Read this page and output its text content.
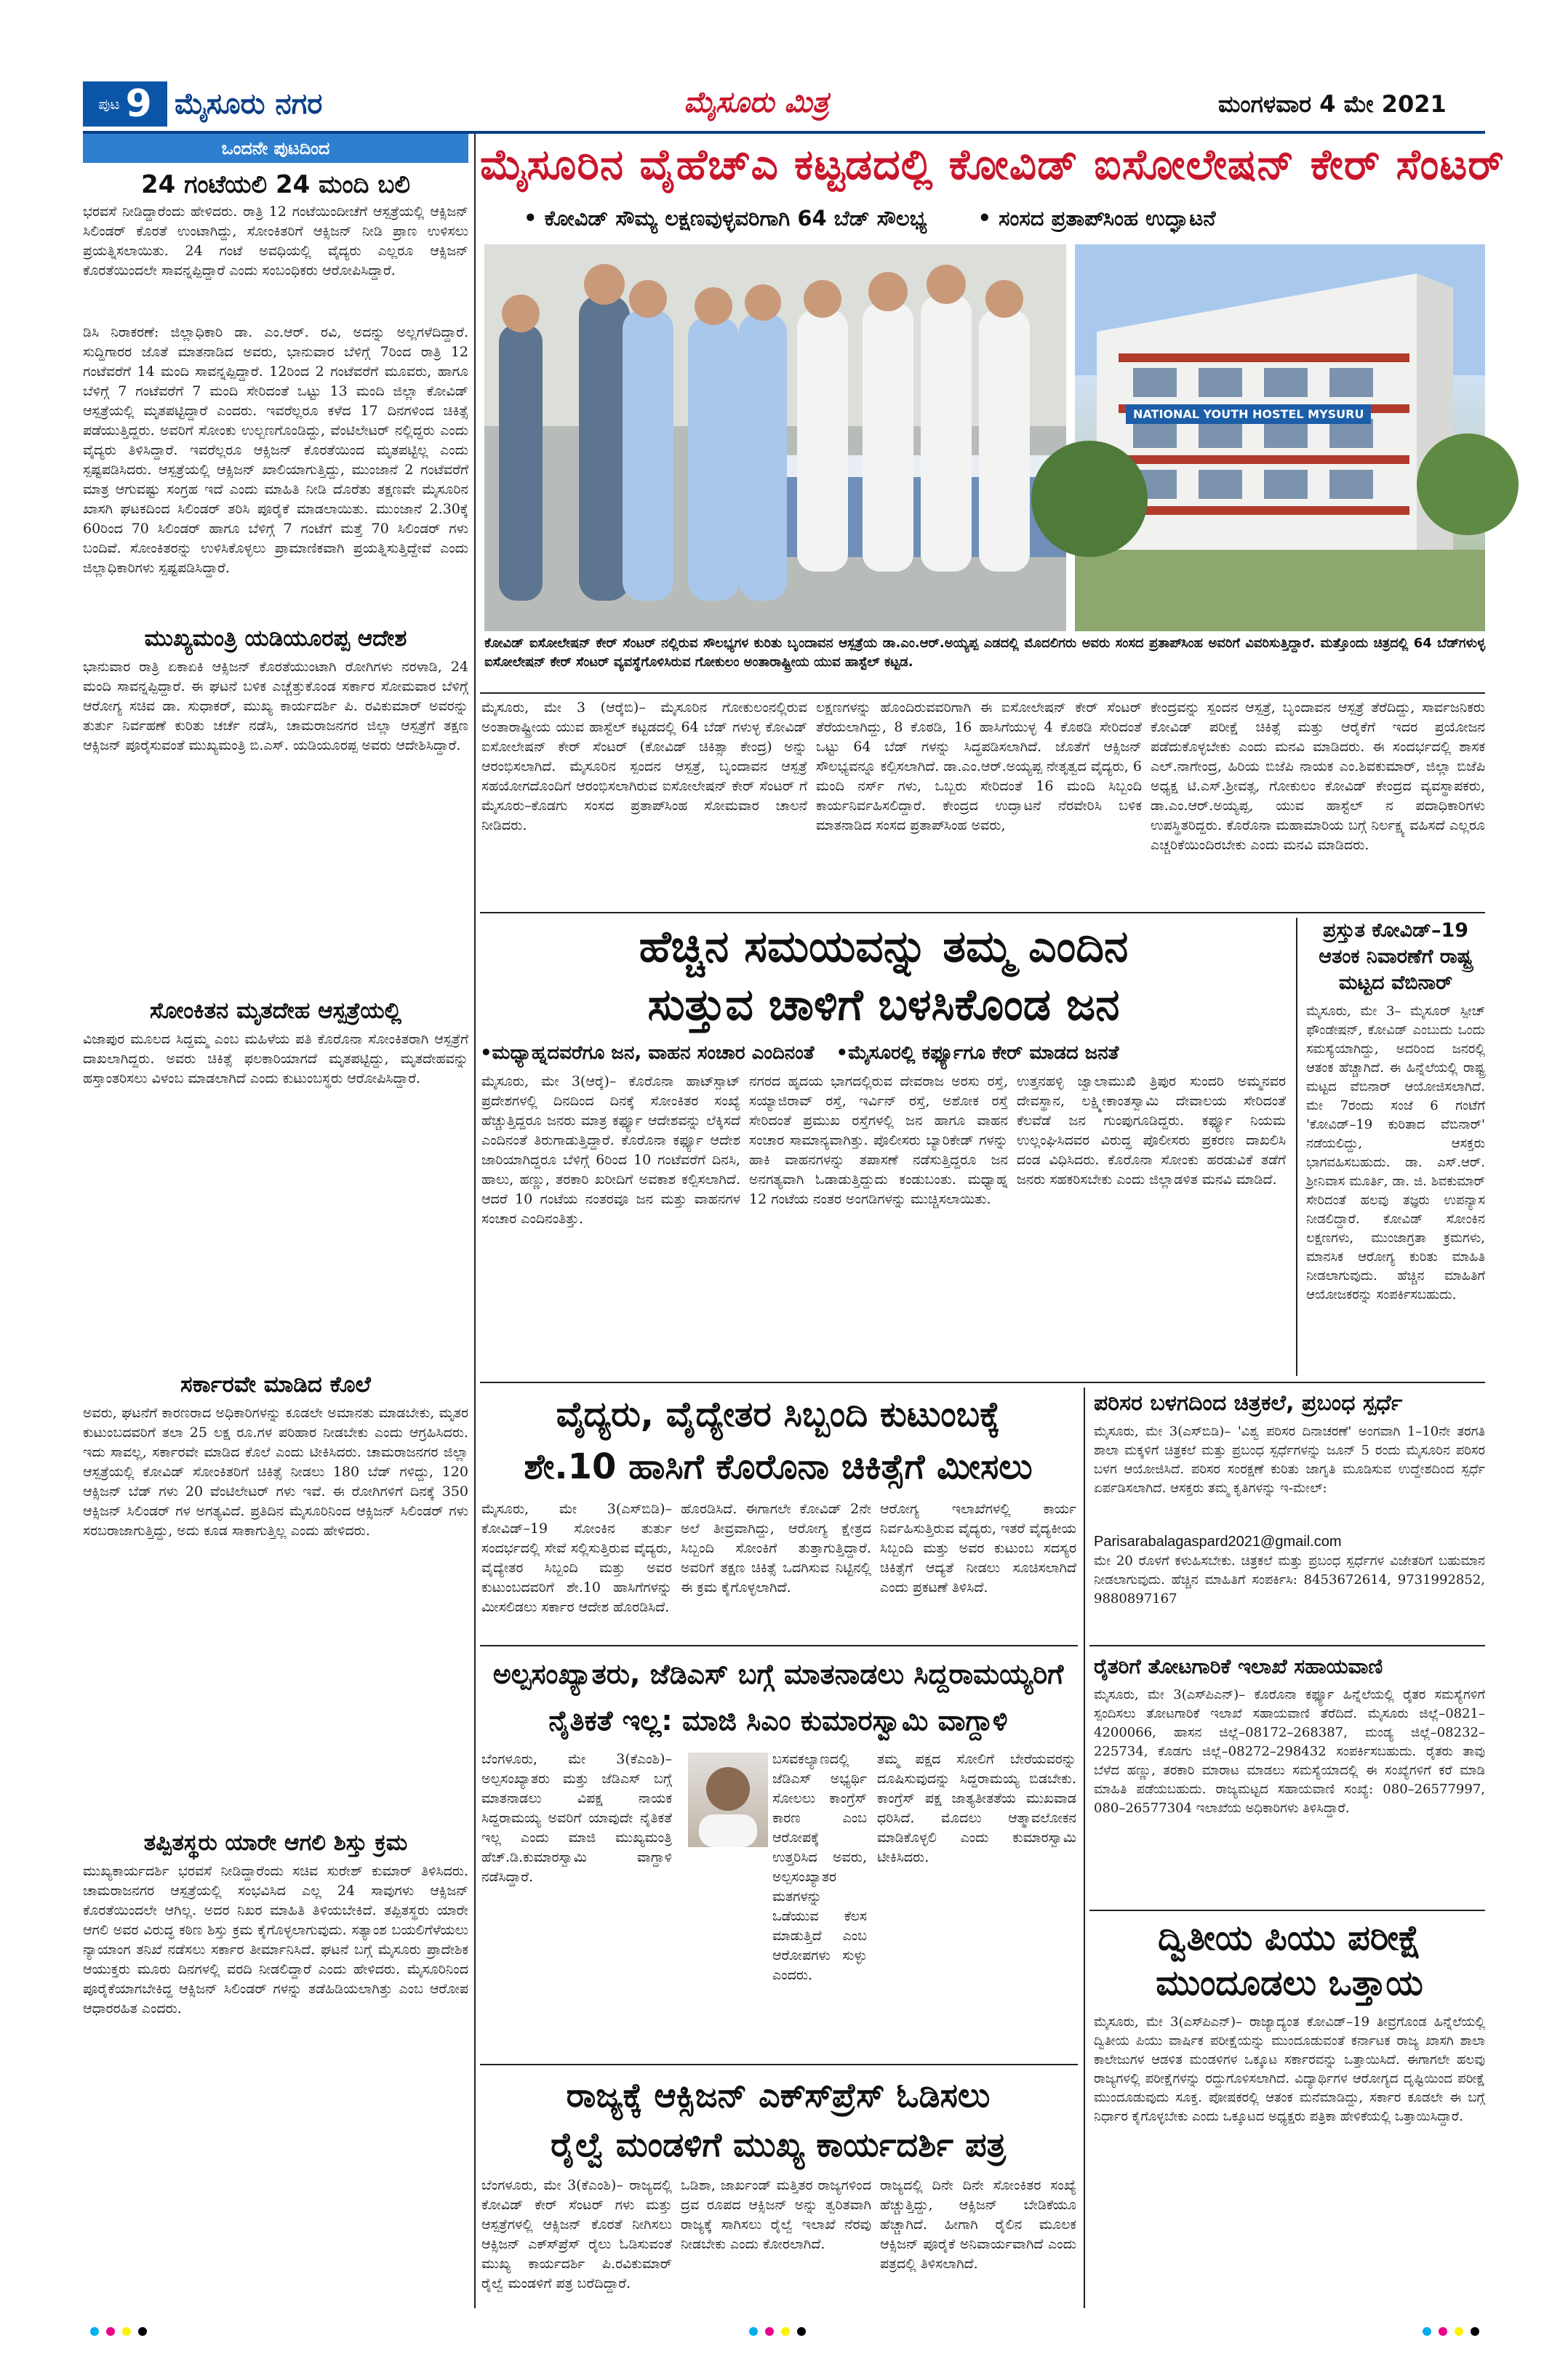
ಪುಟ 9 ಮೈಸೂರು ನಗರ	ಮೈಸೂರು ಮಿತ್ರ	ಮಂಗಳವಾರ 4 ಮೇ 2021
ಒಂದನೇ ಪುಟದಿಂದ
24 ಗಂಟೆಯಲಿ 24 ಮಂದಿ ಬಲಿ
ಭರವಸೆ ನೀಡಿದ್ದಾರೆಂದು ಹೇಳಿದರು. ರಾತ್ರಿ 12 ಗಂಟೆಯಿಂದೀಚೆಗೆ ಆಸ್ಪತ್ರೆಯಲ್ಲಿ ಆಕ್ಸಿಜನ್ ಸಿಲಿಂಡರ್ ಕೊರತೆ ಉಂಟಾಗಿದ್ದು, ಸೋಂಕಿತರಿಗೆ ಆಕ್ಸಿಜನ್ ನೀಡಿ ಪ್ರಾಣ ಉಳಿಸಲು ಪ್ರಯತ್ನಿಸಲಾಯಿತು. 24 ಗಂಟೆ ಅವಧಿಯಲ್ಲಿ ವೈದ್ಯರು ಎಲ್ಲರೂ ಆಕ್ಸಿಜನ್ ಕೊರತೆಯಿಂದಲೇ ಸಾವನ್ನಪ್ಪಿದ್ದಾರೆ ಎಂದು ಸಂಬಂಧಿಕರು ಆರೋಪಿಸಿದ್ದಾರೆ.
ಡಿಸಿ ನಿರಾಕರಣೆ: ಜಿಲ್ಲಾಧಿಕಾರಿ ಡಾ. ಎಂ.ಆರ್. ರವಿ, ಅದನ್ನು ಅಲ್ಲಗಳೆದಿದ್ದಾರೆ. ಸುದ್ದಿಗಾರರ ಜೊತೆ ಮಾತನಾಡಿದ ಅವರು, ಭಾನುವಾರ ಬೆಳಿಗ್ಗೆ 7ರಿಂದ ರಾತ್ರಿ 12 ಗಂಟೆವರೆಗೆ 14 ಮಂದಿ ಸಾವನ್ನಪ್ಪಿದ್ದಾರೆ. 12ರಿಂದ 2 ಗಂಟೆವರೆಗೆ ಮೂವರು, ಹಾಗೂ ಬೆಳಿಗ್ಗೆ 7 ಗಂಟೆವರೆಗೆ 7 ಮಂದಿ ಸೇರಿದಂತೆ ಒಟ್ಟು 13 ಮಂದಿ ಜಿಲ್ಲಾ ಕೋವಿಡ್ ಆಸ್ಪತ್ರೆಯಲ್ಲಿ ಮೃತಪಟ್ಟಿದ್ದಾರೆ ಎಂದರು. ಇವರೆಲ್ಲರೂ ಕಳೆದ 17 ದಿನಗಳಿಂದ ಚಿಕಿತ್ಸೆ ಪಡೆಯುತ್ತಿದ್ದರು. ಅವರಿಗೆ ಸೋಂಕು ಉಲ್ಬಣಗೊಂಡಿದ್ದು, ವೆಂಟಿಲೇಟರ್ ನಲ್ಲಿದ್ದರು ಎಂದು ವೈದ್ಯರು ತಿಳಿಸಿದ್ದಾರೆ. ಇವರೆಲ್ಲರೂ ಆಕ್ಸಿಜನ್ ಕೊರತೆಯಿಂದ ಮೃತಪಟ್ಟಿಲ್ಲ ಎಂದು ಸ್ಪಷ್ಟಪಡಿಸಿದರು. ಆಸ್ಪತ್ರೆಯಲ್ಲಿ ಆಕ್ಸಿಜನ್ ಖಾಲಿಯಾಗುತ್ತಿದ್ದು, ಮುಂಜಾನೆ 2 ಗಂಟೆವರೆಗೆ ಮಾತ್ರ ಆಗುವಷ್ಟು ಸಂಗ್ರಹ ಇದೆ ಎಂದು ಮಾಹಿತಿ ನೀಡಿ ದೊರೆತು ತಕ್ಷಣವೇ ಮೈಸೂರಿನ ಖಾಸಗಿ ಘಟಕದಿಂದ ಸಿಲಿಂಡರ್ ತರಿಸಿ ಪೂರೈಕೆ ಮಾಡಲಾಯಿತು. ಮುಂಜಾನೆ 2.30ಕ್ಕೆ 60ರಿಂದ 70 ಸಿಲಿಂಡರ್ ಹಾಗೂ ಬೆಳಿಗ್ಗೆ 7 ಗಂಟೆಗೆ ಮತ್ತೆ 70 ಸಿಲಿಂಡರ್ ಗಳು ಬಂದಿವೆ. ಸೋಂಕಿತರನ್ನು ಉಳಿಸಿಕೊಳ್ಳಲು ಪ್ರಾಮಾಣಿಕವಾಗಿ ಪ್ರಯತ್ನಿಸುತ್ತಿದ್ದೇವೆ ಎಂದು ಜಿಲ್ಲಾಧಿಕಾರಿಗಳು ಸ್ಪಷ್ಟಪಡಿಸಿದ್ದಾರೆ.
ಮುಖ್ಯಮಂತ್ರಿ ಯಡಿಯೂರಪ್ಪ ಆದೇಶ
ಭಾನುವಾರ ರಾತ್ರಿ ಏಕಾಏಕಿ ಆಕ್ಸಿಜನ್ ಕೊರತೆಯುಂಟಾಗಿ ರೋಗಿಗಳು ನರಳಾಡಿ, 24 ಮಂದಿ ಸಾವನ್ನಪ್ಪಿದ್ದಾರೆ. ಈ ಘಟನೆ ಬಳಿಕ ಎಚ್ಚೆತ್ತುಕೊಂಡ ಸರ್ಕಾರ ಸೋಮವಾರ ಬೆಳಿಗ್ಗೆ ಆರೋಗ್ಯ ಸಚಿವ ಡಾ. ಸುಧಾಕರ್, ಮುಖ್ಯ ಕಾರ್ಯದರ್ಶಿ ಪಿ. ರವಿಕುಮಾರ್ ಅವರನ್ನು ತುರ್ತು ನಿರ್ವಹಣೆ ಕುರಿತು ಚರ್ಚೆ ನಡೆಸಿ, ಚಾಮರಾಜನಗರ ಜಿಲ್ಲಾ ಆಸ್ಪತ್ರೆಗೆ ತಕ್ಷಣ ಆಕ್ಸಿಜನ್ ಪೂರೈಸುವಂತೆ ಮುಖ್ಯಮಂತ್ರಿ ಬಿ.ಎಸ್. ಯಡಿಯೂರಪ್ಪ ಅವರು ಆದೇಶಿಸಿದ್ದಾರೆ.
ಸೋಂಕಿತನ ಮೃತದೇಹ ಆಸ್ಪತ್ರೆಯಲ್ಲಿ
ವಿಜಾಪುರ ಮೂಲದ ಸಿದ್ದಮ್ಮ ಎಂಬ ಮಹಿಳೆಯ ಪತಿ ಕೊರೊನಾ ಸೋಂಕಿತರಾಗಿ ಆಸ್ಪತ್ರೆಗೆ ದಾಖಲಾಗಿದ್ದರು. ಅವರು ಚಿಕಿತ್ಸೆ ಫಲಕಾರಿಯಾಗದೆ ಮೃತಪಟ್ಟಿದ್ದು, ಮೃತದೇಹವನ್ನು ಹಸ್ತಾಂತರಿಸಲು ವಿಳಂಬ ಮಾಡಲಾಗಿದೆ ಎಂದು ಕುಟುಂಬಸ್ಥರು ಆರೋಪಿಸಿದ್ದಾರೆ.
ಸರ್ಕಾರವೇ ಮಾಡಿದ ಕೊಲೆ
ಅವರು, ಘಟನೆಗೆ ಕಾರಣರಾದ ಅಧಿಕಾರಿಗಳನ್ನು ಕೂಡಲೇ ಅಮಾನತು ಮಾಡಬೇಕು, ಮೃತರ ಕುಟುಂಬದವರಿಗೆ ತಲಾ 25 ಲಕ್ಷ ರೂ.ಗಳ ಪರಿಹಾರ ನೀಡಬೇಕು ಎಂದು ಆಗ್ರಹಿಸಿದರು. ಇದು ಸಾವಲ್ಲ, ಸರ್ಕಾರವೇ ಮಾಡಿದ ಕೊಲೆ ಎಂದು ಟೀಕಿಸಿದರು. ಚಾಮರಾಜನಗರ ಜಿಲ್ಲಾ ಆಸ್ಪತ್ರೆಯಲ್ಲಿ ಕೋವಿಡ್ ಸೋಂಕಿತರಿಗೆ ಚಿಕಿತ್ಸೆ ನೀಡಲು 180 ಬೆಡ್ ಗಳಿದ್ದು, 120 ಆಕ್ಸಿಜನ್ ಬೆಡ್ ಗಳು 20 ವೆಂಟಿಲೇಟರ್ ಗಳು ಇವೆ. ಈ ರೋಗಿಗಳಿಗೆ ದಿನಕ್ಕೆ 350 ಆಕ್ಸಿಜನ್ ಸಿಲಿಂಡರ್ ಗಳ ಅಗತ್ಯವಿದೆ. ಪ್ರತಿದಿನ ಮೈಸೂರಿನಿಂದ ಆಕ್ಸಿಜನ್ ಸಿಲಿಂಡರ್ ಗಳು ಸರಬರಾಜಾಗುತ್ತಿದ್ದು, ಅದು ಕೂಡ ಸಾಕಾಗುತ್ತಿಲ್ಲ ಎಂದು ಹೇಳಿದರು.
ತಪ್ಪಿತಸ್ಥರು ಯಾರೇ ಆಗಲಿ ಶಿಸ್ತು ಕ್ರಮ
ಮುಖ್ಯಕಾರ್ಯದರ್ಶಿ ಭರವಸೆ ನೀಡಿದ್ದಾರೆಂದು ಸಚಿವ ಸುರೇಶ್ ಕುಮಾರ್ ತಿಳಿಸಿದರು. ಚಾಮರಾಜನಗರ ಆಸ್ಪತ್ರೆಯಲ್ಲಿ ಸಂಭವಿಸಿದ ಎಲ್ಲ 24 ಸಾವುಗಳು ಆಕ್ಸಿಜನ್ ಕೊರತೆಯಿಂದಲೇ ಆಗಿಲ್ಲ. ಅದರ ನಿಖರ ಮಾಹಿತಿ ತಿಳಿಯಬೇಕಿದೆ. ತಪ್ಪಿತಸ್ಥರು ಯಾರೇ ಆಗಲಿ ಅವರ ವಿರುದ್ಧ ಕಠಿಣ ಶಿಸ್ತು ಕ್ರಮ ಕೈಗೊಳ್ಳಲಾಗುವುದು. ಸತ್ಯಾಂಶ ಬಯಲಿಗೆಳೆಯಲು ನ್ಯಾಯಾಂಗ ತನಿಖೆ ನಡೆಸಲು ಸರ್ಕಾರ ತೀರ್ಮಾನಿಸಿದೆ. ಘಟನೆ ಬಗ್ಗೆ ಮೈಸೂರು ಪ್ರಾದೇಶಿಕ ಆಯುಕ್ತರು ಮೂರು ದಿನಗಳಲ್ಲಿ ವರದಿ ನೀಡಲಿದ್ದಾರೆ ಎಂದು ಹೇಳಿದರು. ಮೈಸೂರಿನಿಂದ ಪೂರೈಕೆಯಾಗಬೇಕಿದ್ದ ಆಕ್ಸಿಜನ್ ಸಿಲಿಂಡರ್ ಗಳನ್ನು ತಡೆಹಿಡಿಯಲಾಗಿತ್ತು ಎಂಬ ಆರೋಪ ಆಧಾರರಹಿತ ಎಂದರು.
ಮೈಸೂರಿನ ವೈಹೆಚ್‍ಎ ಕಟ್ಟಡದಲ್ಲಿ ಕೋವಿಡ್ ಐಸೋಲೇಷನ್ ಕೇರ್ ಸೆಂಟರ್
• ಕೋವಿಡ್ ಸೌಮ್ಯ ಲಕ್ಷಣವುಳ್ಳವರಿಗಾಗಿ 64 ಬೆಡ್ ಸೌಲಭ್ಯ • ಸಂಸದ ಪ್ರತಾಪ್‍ಸಿಂಹ ಉದ್ಘಾಟನೆ
NATIONAL YOUTH HOSTEL MYSURU
ಕೋವಿಡ್ ಐಸೋಲೇಷನ್ ಕೇರ್ ಸೆಂಟರ್ ನಲ್ಲಿರುವ ಸೌಲಭ್ಯಗಳ ಕುರಿತು ಬೃಂದಾವನ ಆಸ್ಪತ್ರೆಯ ಡಾ.ಎಂ.ಆರ್.ಅಯ್ಯಪ್ಪ ಎಡದಲ್ಲಿ ಮೊದಲಿಗರು ಅವರು ಸಂಸದ ಪ್ರತಾಪ್‍ಸಿಂಹ ಅವರಿಗೆ ವಿವರಿಸುತ್ತಿದ್ದಾರೆ. ಮತ್ತೊಂದು ಚಿತ್ರದಲ್ಲಿ 64 ಬೆಡ್‍ಗಳುಳ್ಳ ಐಸೋಲೇಷನ್ ಕೇರ್ ಸೆಂಟರ್ ವ್ಯವಸ್ಥೆಗೊಳಿಸಿರುವ ಗೋಕುಲಂ ಅಂತಾರಾಷ್ಟ್ರೀಯ ಯುವ ಹಾಸ್ಟೆಲ್ ಕಟ್ಟಡ.
ಮೈಸೂರು, ಮೇ 3 (ಆರ್‍ಕೆಬಿ)– ಮೈಸೂರಿನ ಗೋಕುಲಂನಲ್ಲಿರುವ ಅಂತಾರಾಷ್ಟ್ರೀಯ ಯುವ ಹಾಸ್ಟೆಲ್ ಕಟ್ಟಡದಲ್ಲಿ 64 ಬೆಡ್ ಗಳುಳ್ಳ ಕೋವಿಡ್ ಐಸೋಲೇಷನ್ ಕೇರ್ ಸೆಂಟರ್ (ಕೋವಿಡ್ ಚಿಕಿತ್ಸಾ ಕೇಂದ್ರ) ಅನ್ನು ಆರಂಭಿಸಲಾಗಿದೆ. ಮೈಸೂರಿನ ಸ್ಪಂದನ ಆಸ್ಪತ್ರೆ, ಬೃಂದಾವನ ಆಸ್ಪತ್ರೆ ಸಹಯೋಗದೊಂದಿಗೆ ಆರಂಭಿಸಲಾಗಿರುವ ಐಸೋಲೇಷನ್ ಕೇರ್ ಸೆಂಟರ್ ಗೆ ಮೈಸೂರು–ಕೊಡಗು ಸಂಸದ ಪ್ರತಾಪ್‍ಸಿಂಹ ಸೋಮವಾರ ಚಾಲನೆ ನೀಡಿದರು.
ಲಕ್ಷಣಗಳನ್ನು ಹೊಂದಿರುವವರಿಗಾಗಿ ಈ ಐಸೋಲೇಷನ್ ಕೇರ್ ಸೆಂಟರ್ ತೆರೆಯಲಾಗಿದ್ದು, 8 ಕೊಠಡಿ, 16 ಹಾಸಿಗೆಯುಳ್ಳ 4 ಕೊಠಡಿ ಸೇರಿದಂತೆ ಒಟ್ಟು 64 ಬೆಡ್ ಗಳನ್ನು ಸಿದ್ಧಪಡಿಸಲಾಗಿದೆ. ಜೊತೆಗೆ ಆಕ್ಸಿಜನ್ ಸೌಲಭ್ಯವನ್ನೂ ಕಲ್ಪಿಸಲಾಗಿದೆ. ಡಾ.ಎಂ.ಆರ್.ಅಯ್ಯಪ್ಪ ನೇತೃತ್ವದ ವೈದ್ಯರು, 6 ಮಂದಿ ನರ್ಸ್ ಗಳು, ಒಬ್ಬರು ಸೇರಿದಂತೆ 16 ಮಂದಿ ಸಿಬ್ಬಂದಿ ಕಾರ್ಯನಿರ್ವಹಿಸಲಿದ್ದಾರೆ. ಕೇಂದ್ರದ ಉದ್ಘಾಟನೆ ನೆರವೇರಿಸಿ ಬಳಿಕ ಮಾತನಾಡಿದ ಸಂಸದ ಪ್ರತಾಪ್‍ಸಿಂಹ ಅವರು,
ಕೇಂದ್ರವನ್ನು ಸ್ಪಂದನ ಆಸ್ಪತ್ರೆ, ಬೃಂದಾವನ ಆಸ್ಪತ್ರೆ ತೆರೆದಿದ್ದು, ಸಾರ್ವಜನಿಕರು ಕೋವಿಡ್ ಪರೀಕ್ಷೆ ಚಿಕಿತ್ಸೆ ಮತ್ತು ಆರೈಕೆಗೆ ಇದರ ಪ್ರಯೋಜನ ಪಡೆದುಕೊಳ್ಳಬೇಕು ಎಂದು ಮನವಿ ಮಾಡಿದರು. ಈ ಸಂದರ್ಭದಲ್ಲಿ ಶಾಸಕ ಎಲ್.ನಾಗೇಂದ್ರ, ಹಿರಿಯ ಬಿಜೆಪಿ ನಾಯಕ ಎಂ.ಶಿವಕುಮಾರ್, ಜಿಲ್ಲಾ ಬಿಜೆಪಿ ಅಧ್ಯಕ್ಷ ಟಿ.ಎಸ್.ಶ್ರೀವತ್ಸ, ಗೋಕುಲಂ ಕೋವಿಡ್ ಕೇಂದ್ರದ ವ್ಯವಸ್ಥಾಪಕರು, ಡಾ.ಎಂ.ಆರ್.ಅಯ್ಯಪ್ಪ, ಯುವ ಹಾಸ್ಟೆಲ್ ನ ಪದಾಧಿಕಾರಿಗಳು ಉಪಸ್ಥಿತರಿದ್ದರು. ಕೊರೊನಾ ಮಹಾಮಾರಿಯ ಬಗ್ಗೆ ನಿರ್ಲಕ್ಷ್ಯ ವಹಿಸದೆ ಎಲ್ಲರೂ ಎಚ್ಚರಿಕೆಯಿಂದಿರಬೇಕು ಎಂದು ಮನವಿ ಮಾಡಿದರು.
ಹೆಚ್ಚಿನ ಸಮಯವನ್ನು ತಮ್ಮ ಎಂದಿನ
ಸುತ್ತುವ ಚಾಳಿಗೆ ಬಳಸಿಕೊಂಡ ಜನ
•ಮಧ್ಯಾಹ್ನದವರೆಗೂ ಜನ, ವಾಹನ ಸಂಚಾರ ಎಂದಿನಂತೆ •ಮೈಸೂರಲ್ಲಿ ಕರ್ಫ್ಯೂಗೂ ಕೇರ್ ಮಾಡದ ಜನತೆ
ಮೈಸೂರು, ಮೇ 3(ಆರ್‍ಕೆ)– ಕೊರೊನಾ ಹಾಟ್‍ಸ್ಪಾಟ್ ಪ್ರದೇಶಗಳಲ್ಲಿ ದಿನದಿಂದ ದಿನಕ್ಕೆ ಸೋಂಕಿತರ ಸಂಖ್ಯೆ ಹೆಚ್ಚುತ್ತಿದ್ದರೂ ಜನರು ಮಾತ್ರ ಕರ್ಫ್ಯೂ ಆದೇಶವನ್ನು ಲೆಕ್ಕಿಸದೆ ಎಂದಿನಂತೆ ತಿರುಗಾಡುತ್ತಿದ್ದಾರೆ. ಕೊರೊನಾ ಕರ್ಫ್ಯೂ ಆದೇಶ ಜಾರಿಯಾಗಿದ್ದರೂ ಬೆಳಿಗ್ಗೆ 6ರಿಂದ 10 ಗಂಟೆವರೆಗೆ ದಿನಸಿ, ಹಾಲು, ಹಣ್ಣು, ತರಕಾರಿ ಖರೀದಿಗೆ ಅವಕಾಶ ಕಲ್ಪಿಸಲಾಗಿದೆ. ಆದರೆ 10 ಗಂಟೆಯ ನಂತರವೂ ಜನ ಮತ್ತು ವಾಹನಗಳ ಸಂಚಾರ ಎಂದಿನಂತಿತ್ತು.
ನಗರದ ಹೃದಯ ಭಾಗದಲ್ಲಿರುವ ದೇವರಾಜ ಅರಸು ರಸ್ತೆ, ಸಯ್ಯಾಜಿರಾವ್ ರಸ್ತೆ, ಇರ್ವಿನ್ ರಸ್ತೆ, ಅಶೋಕ ರಸ್ತೆ ಸೇರಿದಂತೆ ಪ್ರಮುಖ ರಸ್ತೆಗಳಲ್ಲಿ ಜನ ಹಾಗೂ ವಾಹನ ಸಂಚಾರ ಸಾಮಾನ್ಯವಾಗಿತ್ತು. ಪೊಲೀಸರು ಬ್ಯಾರಿಕೇಡ್ ಗಳನ್ನು ಹಾಕಿ ವಾಹನಗಳನ್ನು ತಪಾಸಣೆ ನಡೆಸುತ್ತಿದ್ದರೂ ಜನ ಅನಗತ್ಯವಾಗಿ ಓಡಾಡುತ್ತಿದ್ದುದು ಕಂಡುಬಂತು. ಮಧ್ಯಾಹ್ನ 12 ಗಂಟೆಯ ನಂತರ ಅಂಗಡಿಗಳನ್ನು ಮುಚ್ಚಿಸಲಾಯಿತು.
ಉತ್ತನಹಳ್ಳಿ ಜ್ವಾಲಾಮುಖಿ ತ್ರಿಪುರ ಸುಂದರಿ ಅಮ್ಮನವರ ದೇವಸ್ಥಾನ, ಲಕ್ಷ್ಮೀಕಾಂತಸ್ವಾಮಿ ದೇವಾಲಯ ಸೇರಿದಂತೆ ಕೆಲವೆಡೆ ಜನ ಗುಂಪುಗೂಡಿದ್ದರು. ಕರ್ಫ್ಯೂ ನಿಯಮ ಉಲ್ಲಂಘಿಸಿದವರ ವಿರುದ್ಧ ಪೊಲೀಸರು ಪ್ರಕರಣ ದಾಖಲಿಸಿ ದಂಡ ವಿಧಿಸಿದರು. ಕೊರೊನಾ ಸೋಂಕು ಹರಡುವಿಕೆ ತಡೆಗೆ ಜನರು ಸಹಕರಿಸಬೇಕು ಎಂದು ಜಿಲ್ಲಾಡಳಿತ ಮನವಿ ಮಾಡಿದೆ.
ಪ್ರಸ್ತುತ ಕೋವಿಡ್–19 ಆತಂಕ ನಿವಾರಣೆಗೆ ರಾಷ್ಟ್ರ ಮಟ್ಟದ ವೆಬಿನಾರ್
ಮೈಸೂರು, ಮೇ 3– ಮೈಸೂರ್ ಸ್ಪೀಚ್ ಫೌಂಡೇಷನ್, ಕೋವಿಡ್ ಎಂಬುದು ಒಂದು ಸಮಸ್ಯೆಯಾಗಿದ್ದು, ಅದರಿಂದ ಜನರಲ್ಲಿ ಆತಂಕ ಹೆಚ್ಚಾಗಿದೆ. ಈ ಹಿನ್ನೆಲೆಯಲ್ಲಿ ರಾಷ್ಟ್ರ ಮಟ್ಟದ ವೆಬಿನಾರ್ ಆಯೋಜಿಸಲಾಗಿದೆ. ಮೇ 7ರಂದು ಸಂಜೆ 6 ಗಂಟೆಗೆ 'ಕೋವಿಡ್–19 ಕುರಿತಾದ ವೆಬಿನಾರ್' ನಡೆಯಲಿದ್ದು, ಆಸಕ್ತರು ಭಾಗವಹಿಸಬಹುದು. ಡಾ. ಎಸ್.ಆರ್. ಶ್ರೀನಿವಾಸ ಮೂರ್ತಿ, ಡಾ. ಜಿ. ಶಿವಕುಮಾರ್ ಸೇರಿದಂತೆ ಹಲವು ತಜ್ಞರು ಉಪನ್ಯಾಸ ನೀಡಲಿದ್ದಾರೆ. ಕೋವಿಡ್ ಸೋಂಕಿನ ಲಕ್ಷಣಗಳು, ಮುಂಜಾಗ್ರತಾ ಕ್ರಮಗಳು, ಮಾನಸಿಕ ಆರೋಗ್ಯ ಕುರಿತು ಮಾಹಿತಿ ನೀಡಲಾಗುವುದು. ಹೆಚ್ಚಿನ ಮಾಹಿತಿಗೆ ಆಯೋಜಕರನ್ನು ಸಂಪರ್ಕಿಸಬಹುದು.
ವೈದ್ಯರು, ವೈದ್ಯೇತರ ಸಿಬ್ಬಂದಿ ಕುಟುಂಬಕ್ಕೆ
ಶೇ.10 ಹಾಸಿಗೆ ಕೊರೊನಾ ಚಿಕಿತ್ಸೆಗೆ ಮೀಸಲು
ಮೈಸೂರು, ಮೇ 3(ಎಸ್‍ಬಿಡಿ)– ಕೋವಿಡ್–19 ಸೋಂಕಿನ ತುರ್ತು ಸಂದರ್ಭದಲ್ಲಿ ಸೇವೆ ಸಲ್ಲಿಸುತ್ತಿರುವ ವೈದ್ಯರು, ವೈದ್ಯೇತರ ಸಿಬ್ಬಂದಿ ಮತ್ತು ಅವರ ಕುಟುಂಬದವರಿಗೆ ಶೇ.10 ಹಾಸಿಗೆಗಳನ್ನು ಮೀಸಲಿಡಲು ಸರ್ಕಾರ ಆದೇಶ ಹೊರಡಿಸಿದೆ.
ಹೊರಡಿಸಿದೆ. ಈಗಾಗಲೇ ಕೋವಿಡ್ 2ನೇ ಅಲೆ ತೀವ್ರವಾಗಿದ್ದು, ಆರೋಗ್ಯ ಕ್ಷೇತ್ರದ ಸಿಬ್ಬಂದಿ ಸೋಂಕಿಗೆ ತುತ್ತಾಗುತ್ತಿದ್ದಾರೆ. ಅವರಿಗೆ ತಕ್ಷಣ ಚಿಕಿತ್ಸೆ ಒದಗಿಸುವ ನಿಟ್ಟಿನಲ್ಲಿ ಈ ಕ್ರಮ ಕೈಗೊಳ್ಳಲಾಗಿದೆ.
ಆರೋಗ್ಯ ಇಲಾಖೆಗಳಲ್ಲಿ ಕಾರ್ಯ ನಿರ್ವಹಿಸುತ್ತಿರುವ ವೈದ್ಯರು, ಇತರೆ ವೈದ್ಯಕೀಯ ಸಿಬ್ಬಂದಿ ಮತ್ತು ಅವರ ಕುಟುಂಬ ಸದಸ್ಯರ ಚಿಕಿತ್ಸೆಗೆ ಆದ್ಯತೆ ನೀಡಲು ಸೂಚಿಸಲಾಗಿದೆ ಎಂದು ಪ್ರಕಟಣೆ ತಿಳಿಸಿದೆ.
ಪರಿಸರ ಬಳಗದಿಂದ ಚಿತ್ರಕಲೆ, ಪ್ರಬಂಧ ಸ್ಪರ್ಧೆ
ಮೈಸೂರು, ಮೇ 3(ಎಸ್‍ಬಿಡಿ)– 'ವಿಶ್ವ ಪರಿಸರ ದಿನಾಚರಣೆ' ಅಂಗವಾಗಿ 1–10ನೇ ತರಗತಿ ಶಾಲಾ ಮಕ್ಕಳಿಗೆ ಚಿತ್ರಕಲೆ ಮತ್ತು ಪ್ರಬಂಧ ಸ್ಪರ್ಧೆಗಳನ್ನು ಜೂನ್ 5 ರಂದು ಮೈಸೂರಿನ ಪರಿಸರ ಬಳಗ ಆಯೋಜಿಸಿದೆ. ಪರಿಸರ ಸಂರಕ್ಷಣೆ ಕುರಿತು ಜಾಗೃತಿ ಮೂಡಿಸುವ ಉದ್ದೇಶದಿಂದ ಸ್ಪರ್ಧೆ ಏರ್ಪಡಿಸಲಾಗಿದೆ. ಆಸಕ್ತರು ತಮ್ಮ ಕೃತಿಗಳನ್ನು ಇ-ಮೇಲ್:
Parisarabalagaspard2021@gmail.com
ಮೇ 20 ರೊಳಗೆ ಕಳುಹಿಸಬೇಕು. ಚಿತ್ರಕಲೆ ಮತ್ತು ಪ್ರಬಂಧ ಸ್ಪರ್ಧೆಗಳ ವಿಜೇತರಿಗೆ ಬಹುಮಾನ ನೀಡಲಾಗುವುದು. ಹೆಚ್ಚಿನ ಮಾಹಿತಿಗೆ ಸಂಪರ್ಕಿಸಿ: 8453672614, 9731992852, 9880897167
ಅಲ್ಪಸಂಖ್ಯಾತರು, ಜೆಡಿಎಸ್ ಬಗ್ಗೆ ಮಾತನಾಡಲು ಸಿದ್ದರಾಮಯ್ಯರಿಗೆ
ನೈತಿಕತೆ ಇಲ್ಲ: ಮಾಜಿ ಸಿಎಂ ಕುಮಾರಸ್ವಾಮಿ ವಾಗ್ದಾಳಿ
ಬೆಂಗಳೂರು, ಮೇ 3(ಕೆಎಂಶಿ)– ಅಲ್ಪಸಂಖ್ಯಾತರು ಮತ್ತು ಜೆಡಿಎಸ್ ಬಗ್ಗೆ ಮಾತನಾಡಲು ವಿಪಕ್ಷ ನಾಯಕ ಸಿದ್ದರಾಮಯ್ಯ ಅವರಿಗೆ ಯಾವುದೇ ನೈತಿಕತೆ ಇಲ್ಲ ಎಂದು ಮಾಜಿ ಮುಖ್ಯಮಂತ್ರಿ ಹೆಚ್.ಡಿ.ಕುಮಾರಸ್ವಾಮಿ ವಾಗ್ದಾಳಿ ನಡೆಸಿದ್ದಾರೆ.
ಬಸವಕಲ್ಯಾಣದಲ್ಲಿ ಜೆಡಿಎಸ್ ಅಭ್ಯರ್ಥಿ ಸೋಲಲು ಕಾಂಗ್ರೆಸ್ ಕಾರಣ ಎಂಬ ಆರೋಪಕ್ಕೆ ಉತ್ತರಿಸಿದ ಅವರು, ಅಲ್ಪಸಂಖ್ಯಾತರ ಮತಗಳನ್ನು ಒಡೆಯುವ ಕೆಲಸ ಮಾಡುತ್ತಿದೆ ಎಂಬ ಆರೋಪಗಳು ಸುಳ್ಳು ಎಂದರು.
ತಮ್ಮ ಪಕ್ಷದ ಸೋಲಿಗೆ ಬೇರೆಯವರನ್ನು ದೂಷಿಸುವುದನ್ನು ಸಿದ್ದರಾಮಯ್ಯ ಬಿಡಬೇಕು. ಕಾಂಗ್ರೆಸ್ ಪಕ್ಷ ಜಾತ್ಯತೀತತೆಯ ಮುಖವಾಡ ಧರಿಸಿದೆ. ಮೊದಲು ಆತ್ಮಾವಲೋಕನ ಮಾಡಿಕೊಳ್ಳಲಿ ಎಂದು ಕುಮಾರಸ್ವಾಮಿ ಟೀಕಿಸಿದರು.
ರೈತರಿಗೆ ತೋಟಗಾರಿಕೆ ಇಲಾಖೆ ಸಹಾಯವಾಣಿ
ಮೈಸೂರು, ಮೇ 3(ಎಸ್‍ಪಿಎನ್)– ಕೊರೊನಾ ಕರ್ಫ್ಯೂ ಹಿನ್ನೆಲೆಯಲ್ಲಿ ರೈತರ ಸಮಸ್ಯೆಗಳಿಗೆ ಸ್ಪಂದಿಸಲು ತೋಟಗಾರಿಕೆ ಇಲಾಖೆ ಸಹಾಯವಾಣಿ ತೆರೆದಿದೆ. ಮೈಸೂರು ಜಿಲ್ಲೆ–0821–4200066, ಹಾಸನ ಜಿಲ್ಲೆ–08172–268387, ಮಂಡ್ಯ ಜಿಲ್ಲೆ–08232–225734, ಕೊಡಗು ಜಿಲ್ಲೆ–08272–298432 ಸಂಪರ್ಕಿಸಬಹುದು. ರೈತರು ತಾವು ಬೆಳೆದ ಹಣ್ಣು, ತರಕಾರಿ ಮಾರಾಟ ಮಾಡಲು ಸಮಸ್ಯೆಯಾದಲ್ಲಿ ಈ ಸಂಖ್ಯೆಗಳಿಗೆ ಕರೆ ಮಾಡಿ ಮಾಹಿತಿ ಪಡೆಯಬಹುದು. ರಾಜ್ಯಮಟ್ಟದ ಸಹಾಯವಾಣಿ ಸಂಖ್ಯೆ: 080–26577997, 080–26577304 ಇಲಾಖೆಯ ಅಧಿಕಾರಿಗಳು ತಿಳಿಸಿದ್ದಾರೆ.
ದ್ವಿತೀಯ ಪಿಯು ಪರೀಕ್ಷೆ
ಮುಂದೂಡಲು ಒತ್ತಾಯ
ಮೈಸೂರು, ಮೇ 3(ಎಸ್‍ಪಿಎನ್)– ರಾಜ್ಯಾದ್ಯಂತ ಕೋವಿಡ್–19 ತೀವ್ರಗೊಂಡ ಹಿನ್ನೆಲೆಯಲ್ಲಿ ದ್ವಿತೀಯ ಪಿಯು ವಾರ್ಷಿಕ ಪರೀಕ್ಷೆಯನ್ನು ಮುಂದೂಡುವಂತೆ ಕರ್ನಾಟಕ ರಾಜ್ಯ ಖಾಸಗಿ ಶಾಲಾ ಕಾಲೇಜುಗಳ ಆಡಳಿತ ಮಂಡಳಿಗಳ ಒಕ್ಕೂಟ ಸರ್ಕಾರವನ್ನು ಒತ್ತಾಯಿಸಿದೆ. ಈಗಾಗಲೇ ಹಲವು ರಾಜ್ಯಗಳಲ್ಲಿ ಪರೀಕ್ಷೆಗಳನ್ನು ರದ್ದುಗೊಳಿಸಲಾಗಿದೆ. ವಿದ್ಯಾರ್ಥಿಗಳ ಆರೋಗ್ಯದ ದೃಷ್ಟಿಯಿಂದ ಪರೀಕ್ಷೆ ಮುಂದೂಡುವುದು ಸೂಕ್ತ. ಪೋಷಕರಲ್ಲಿ ಆತಂಕ ಮನೆಮಾಡಿದ್ದು, ಸರ್ಕಾರ ಕೂಡಲೇ ಈ ಬಗ್ಗೆ ನಿರ್ಧಾರ ಕೈಗೊಳ್ಳಬೇಕು ಎಂದು ಒಕ್ಕೂಟದ ಅಧ್ಯಕ್ಷರು ಪತ್ರಿಕಾ ಹೇಳಿಕೆಯಲ್ಲಿ ಒತ್ತಾಯಿಸಿದ್ದಾರೆ.
ರಾಜ್ಯಕ್ಕೆ ಆಕ್ಸಿಜನ್ ಎಕ್ಸ್‍ಪ್ರೆಸ್ ಓಡಿಸಲು
ರೈಲ್ವೆ ಮಂಡಳಿಗೆ ಮುಖ್ಯ ಕಾರ್ಯದರ್ಶಿ ಪತ್ರ
ಬೆಂಗಳೂರು, ಮೇ 3(ಕೆಎಂಶಿ)– ರಾಜ್ಯದಲ್ಲಿ ಕೋವಿಡ್ ಕೇರ್ ಸೆಂಟರ್ ಗಳು ಮತ್ತು ಆಸ್ಪತ್ರೆಗಳಲ್ಲಿ ಆಕ್ಸಿಜನ್ ಕೊರತೆ ನೀಗಿಸಲು ಆಕ್ಸಿಜನ್ ಎಕ್ಸ್‍ಪ್ರೆಸ್ ರೈಲು ಓಡಿಸುವಂತೆ ಮುಖ್ಯ ಕಾರ್ಯದರ್ಶಿ ಪಿ.ರವಿಕುಮಾರ್ ರೈಲ್ವೆ ಮಂಡಳಿಗೆ ಪತ್ರ ಬರೆದಿದ್ದಾರೆ.
ಒಡಿಶಾ, ಜಾರ್ಖಂಡ್ ಮತ್ತಿತರ ರಾಜ್ಯಗಳಿಂದ ದ್ರವ ರೂಪದ ಆಕ್ಸಿಜನ್ ಅನ್ನು ತ್ವರಿತವಾಗಿ ರಾಜ್ಯಕ್ಕೆ ಸಾಗಿಸಲು ರೈಲ್ವೆ ಇಲಾಖೆ ನೆರವು ನೀಡಬೇಕು ಎಂದು ಕೋರಲಾಗಿದೆ.
ರಾಜ್ಯದಲ್ಲಿ ದಿನೇ ದಿನೇ ಸೋಂಕಿತರ ಸಂಖ್ಯೆ ಹೆಚ್ಚುತ್ತಿದ್ದು, ಆಕ್ಸಿಜನ್ ಬೇಡಿಕೆಯೂ ಹೆಚ್ಚಾಗಿದೆ. ಹೀಗಾಗಿ ರೈಲಿನ ಮೂಲಕ ಆಕ್ಸಿಜನ್ ಪೂರೈಕೆ ಅನಿವಾರ್ಯವಾಗಿದೆ ಎಂದು ಪತ್ರದಲ್ಲಿ ತಿಳಿಸಲಾಗಿದೆ.
